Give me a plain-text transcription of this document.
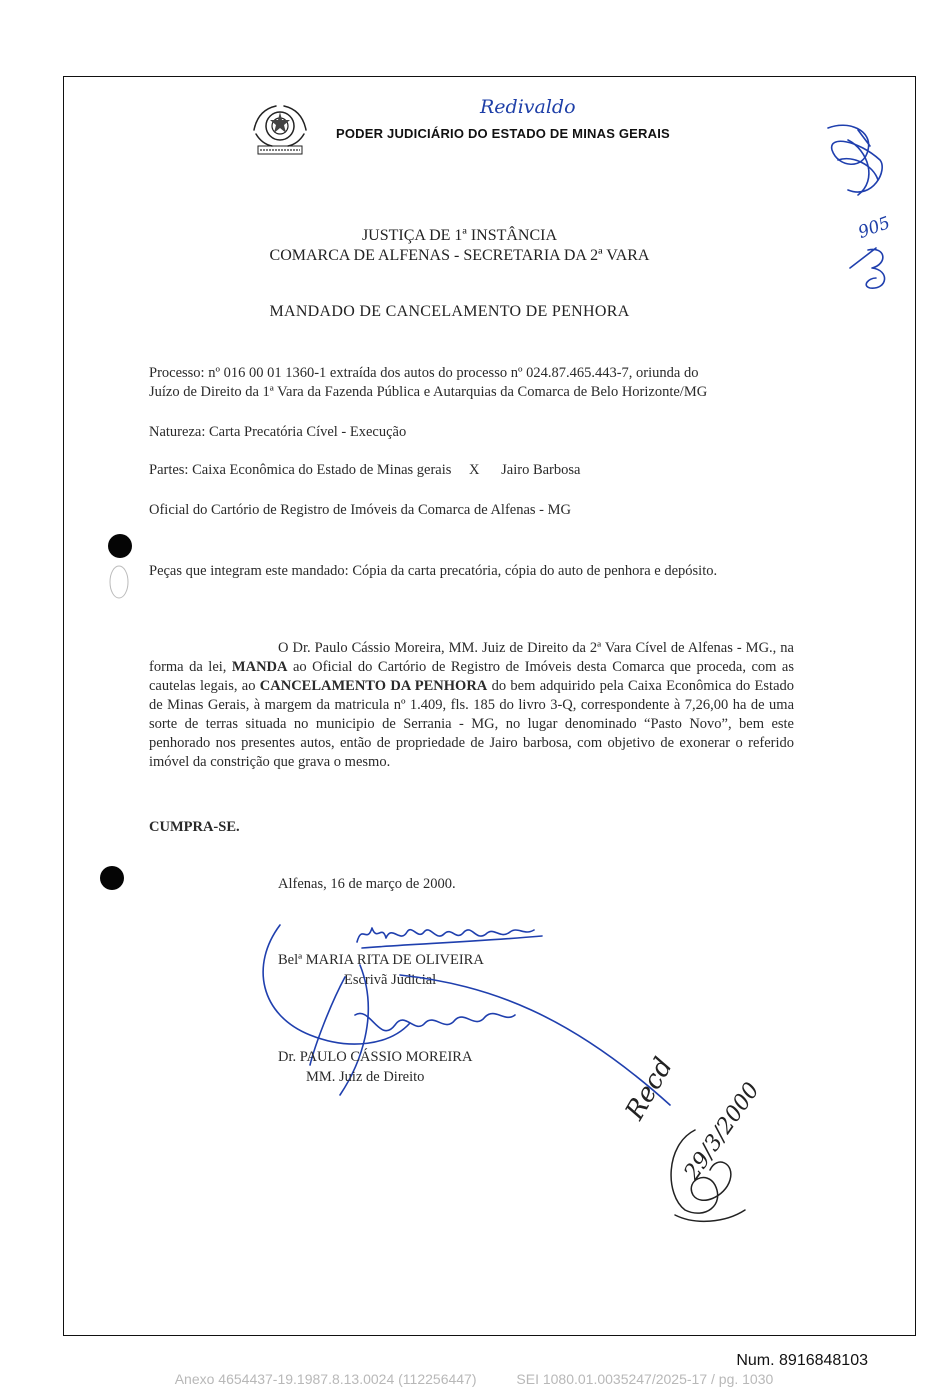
Redivaldo
PODER JUDICIÁRIO DO ESTADO DE MINAS GERAIS
905
JUSTIÇA DE 1ª INSTÂNCIA
COMARCA DE ALFENAS - SECRETARIA DA 2ª VARA
MANDADO DE CANCELAMENTO DE PENHORA
Processo: nº 016 00 01 1360-1 extraída dos autos do processo nº 024.87.465.443-7, oriunda do
Juízo de Direito da 1ª Vara da Fazenda Pública e Autarquias da Comarca de Belo Horizonte/MG
Natureza: Carta Precatória Cível - Execução
Partes: Caixa Econômica do Estado de Minas gerais X Jairo Barbosa
Oficial do Cartório de Registro de Imóveis da Comarca de Alfenas - MG
Peças que integram este mandado: Cópia da carta precatória, cópia do auto de penhora e depósito.
O Dr. Paulo Cássio Moreira, MM. Juiz de Direito da 2ª Vara Cível de Alfenas - MG., na forma da lei, MANDA ao Oficial do Cartório de Registro de Imóveis desta Comarca que proceda, com as cautelas legais, ao CANCELAMENTO DA PENHORA do bem adquirido pela Caixa Econômica do Estado de Minas Gerais, à margem da matricula nº 1.409, fls. 185 do livro 3-Q, correspondente à 7,26,00 ha de uma sorte de terras situada no municipio de Serrania - MG, no lugar denominado “Pasto Novo”, bem este penhorado nos presentes autos, então de propriedade de Jairo barbosa, com objetivo de exonerar o referido imóvel da constrição que grava o mesmo.
CUMPRA-SE.
Alfenas, 16 de março de 2000.
Belª MARIA RITA DE OLIVEIRA
Escrivã Judicial
Dr. PAULO CÁSSIO MOREIRA
MM. Juiz de Direito	Recd 29/3/2000
Num. 8916848103
Anexo 4654437-19.1987.8.13.0024 (112256447)	SEI 1080.01.0035247/2025-17 / pg. 1030
